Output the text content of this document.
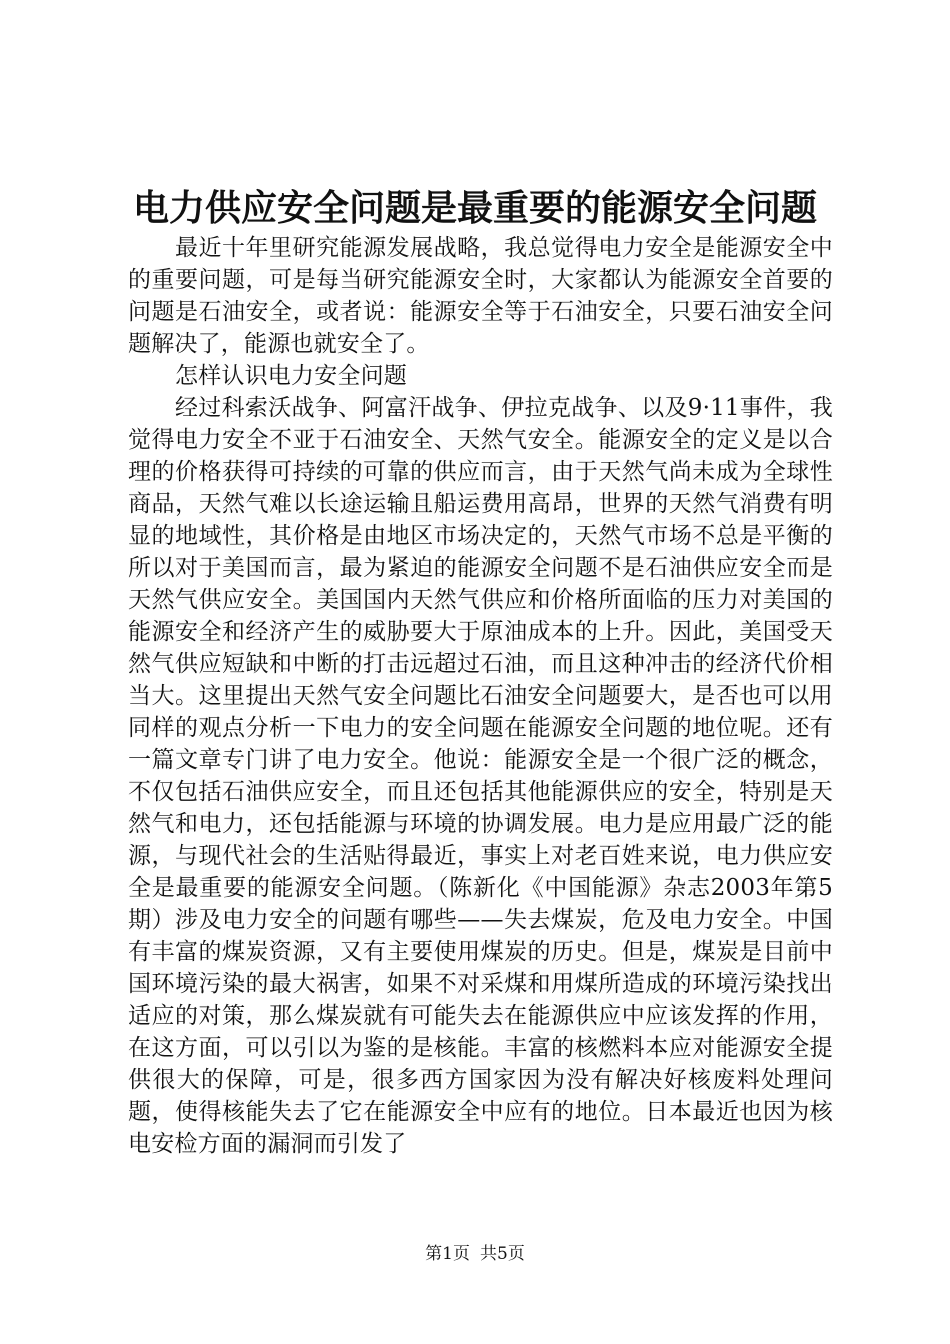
电力供应安全问题是最重要的能源安全问题

最近十年里研究能源发展战略，我总觉得电力安全是能源安全中的重要问题，可是每当研究能源安全时，大家都认为能源安全首要的问题是石油安全，或者说：能源安全等于石油安全，只要石油安全问题解决了，能源也就安全了。

怎样认识电力安全问题

经过科索沃战争、阿富汗战争、伊拉克战争、以及9·11事件，我觉得电力安全不亚于石油安全、天然气安全。能源安全的定义是以合理的价格获得可持续的可靠的供应而言，由于天然气尚未成为全球性商品，天然气难以长途运输且船运费用高昂，世界的天然气消费有明显的地域性，其价格是由地区市场决定的，天然气市场不总是平衡的所以对于美国而言，最为紧迫的能源安全问题不是石油供应安全而是天然气供应安全。美国国内天然气供应和价格所面临的压力对美国的能源安全和经济产生的威胁要大于原油成本的上升。因此，美国受天然气供应短缺和中断的打击远超过石油，而且这种冲击的经济代价相当大。这里提出天然气安全问题比石油安全问题要大，是否也可以用同样的观点分析一下电力的安全问题在能源安全问题的地位呢。还有一篇文章专门讲了电力安全。他说：能源安全是一个很广泛的概念，不仅包括石油供应安全，而且还包括其他能源供应的安全，特别是天然气和电力，还包括能源与环境的协调发展。电力是应用最广泛的能源，与现代社会的生活贴得最近，事实上对老百姓来说，电力供应安全是最重要的能源安全问题。（陈新化《中国能源》杂志2003年第5期）涉及电力安全的问题有哪些——失去煤炭，危及电力安全。中国有丰富的煤炭资源，又有主要使用煤炭的历史。但是，煤炭是目前中国环境污染的最大祸害，如果不对采煤和用煤所造成的环境污染找出适应的对策，那么煤炭就有可能失去在能源供应中应该发挥的作用，在这方面，可以引以为鉴的是核能。丰富的核燃料本应对能源安全提供很大的保障，可是，很多西方国家因为没有解决好核废料处理问题，使得核能失去了它在能源安全中应有的地位。日本最近也因为核电安检方面的漏洞而引发了

第1页 共5页
